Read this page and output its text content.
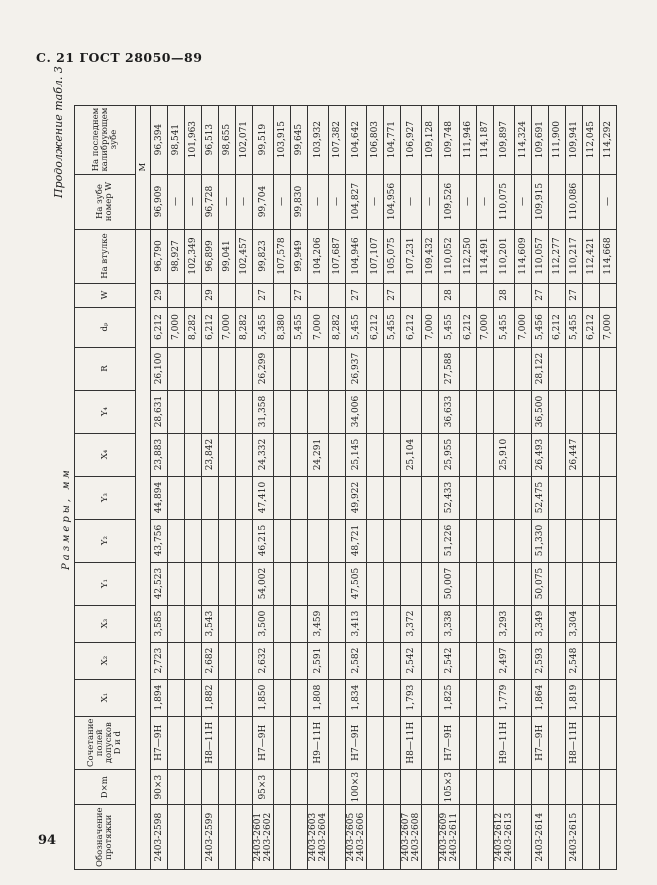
С. 21 ГОСТ 28050—89
94
Продолжение табл. 3
Размеры, мм
Обозначение протяжки	D×m	Сочетание полей допусков D и d	X₁	X₂	X₃	Y₁	Y₂	Y₃	X₄	Y₄	R	dₚ	W	На втулке	На зубе номер W	На последнем калибрующем зубе
															M	
2403-2598	90×3	H7—9H	1,894	2,723	3,585	42,523	43,756	44,894	23,883	28,631	26,100	6,212	29	96,790	96,909	96,394
												7,000		98,927	—	98,541
												8,282		102,349	—	101,963
2403-2599		H8—11H	1,882	2,682	3,543				23,842			6,212	29	96,899	96,728	96,513
												7,000		99,041	—	98,655
												8,282		102,457	—	102,071
2403-2601 2403-2602	95×3	H7—9H	1,850	2,632	3,500	54,002	46,215	47,410	24,332	31,358	26,299	5,455	27	99,823	99,704	99,519
												8,380		107,578	—	103,915
												5,455	27	99,949	99,830	99,645
2403-2603 2403-2604		H9—11H	1,808	2,591	3,459				24,291			7,000		104,206	—	103,932
												8,282		107,687	—	107,382
2403-2605 2403-2606	100×3	H7—9H	1,834	2,582	3,413	47,505	48,721	49,922	25,145	34,006	26,937	5,455	27	104,946	104,827	104,642
												6,212		107,107	—	106,803
												5,455	27	105,075	104,956	104,771
2403-2607 2403-2608		H8—11H	1,793	2,542	3,372				25,104			6,212		107,231	—	106,927
												7,000		109,432	—	109,128
2403-2609 2403-2611	105×3	H7—9H	1,825	2,542	3,338	50,007	51,226	52,433	25,955	36,633	27,588	5,455	28	110,052	109,526	109,748
												6,212		112,250	—	111,946
												7,000		114,491	—	114,187
2403-2612 2403-2613		H9—11H	1,779	2,497	3,293				25,910			5,455	28	110,201	110,075	109,897
												7,000		114,609	—	114,324
2403-2614		H7—9H	1,864	2,593	3,349	50,075	51,330	52,475	26,493	36,500	28,122	5,456	27	110,057	109,915	109,691
												6,212		112,277		111,900
2403-2615		H8—11H	1,819	2,548	3,304				26,447			5,455	27	110,217	110,086	109,941
												6,212		112,421		112,045
												7,000		114,668	—	114,292
